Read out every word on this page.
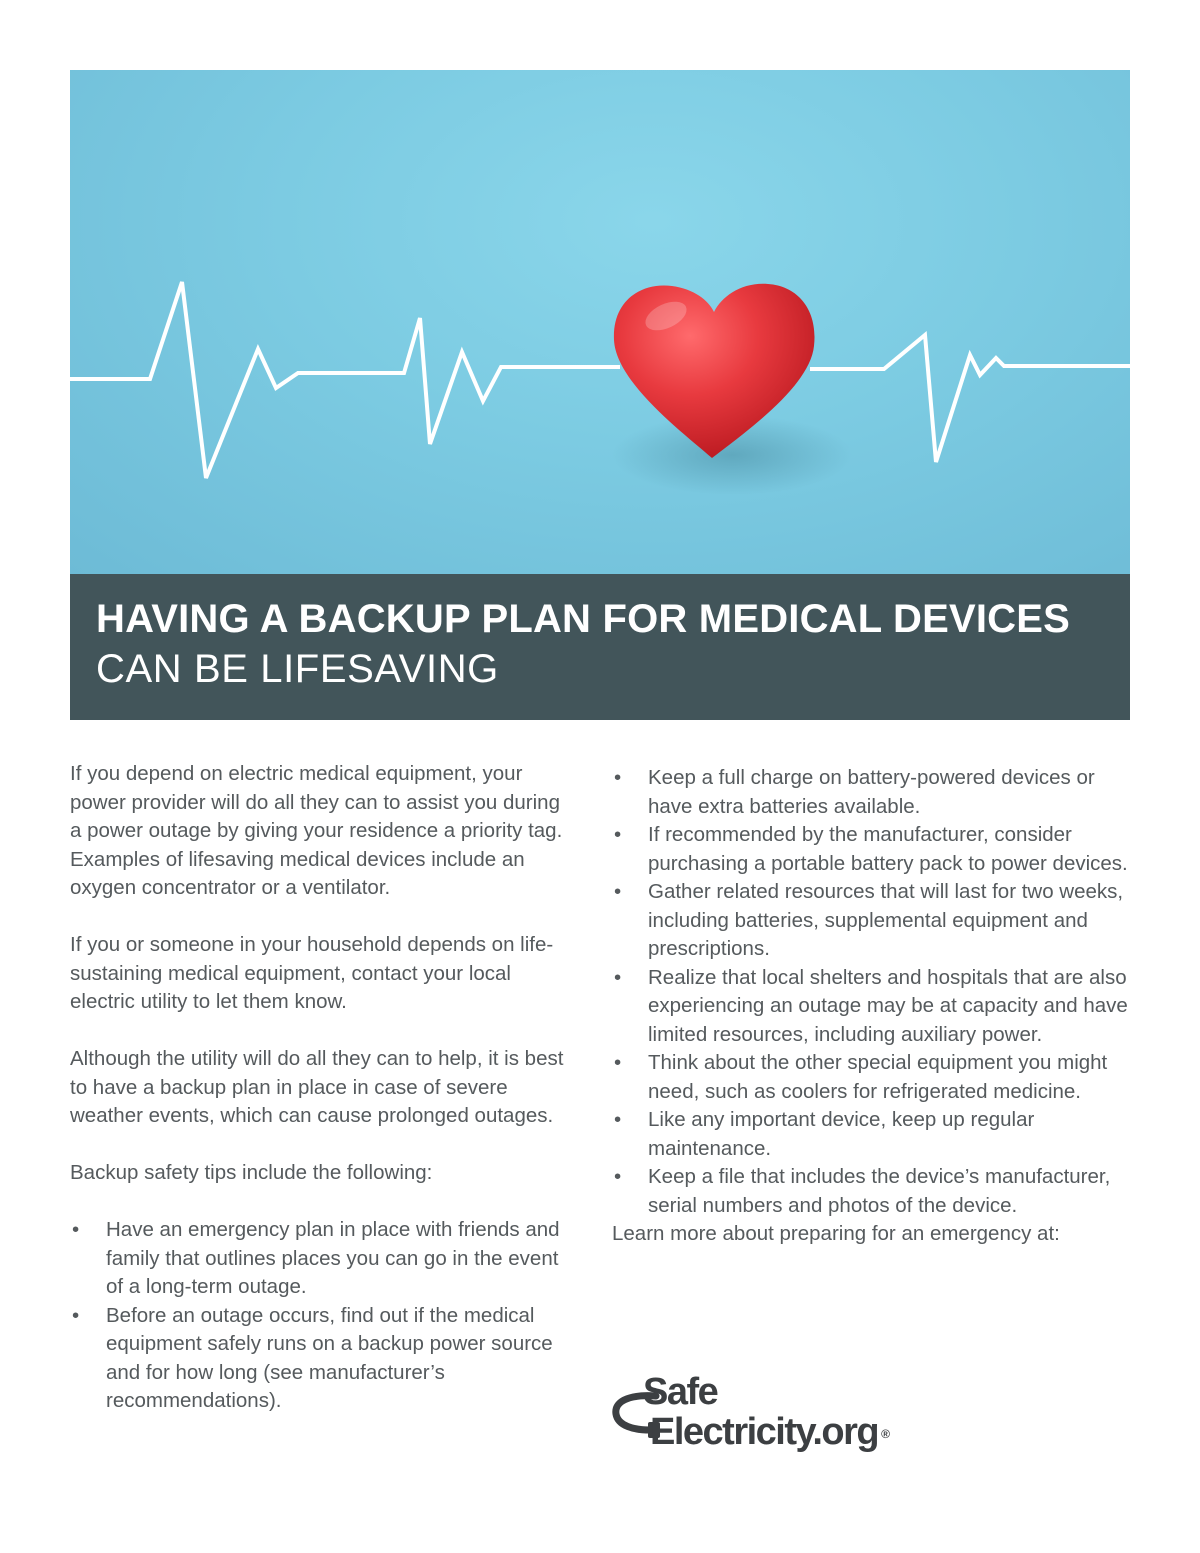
HAVING A BACKUP PLAN FOR MEDICAL DEVICES
CAN BE LIFESAVING

If you depend on electric medical equipment, your power provider will do all they can to assist you during a power outage by giving your residence a priority tag. Examples of lifesaving medical devices include an oxygen concentrator or a ventilator.

If you or someone in your household depends on life-sustaining medical equipment, contact your local electric utility to let them know.

Although the utility will do all they can to help, it is best to have a backup plan in place in case of severe weather events, which can cause prolonged outages.

Backup safety tips include the following:

•	Have an emergency plan in place with friends and family that outlines places you can go in the event of a long-term outage.
•	Before an outage occurs, find out if the medical equipment safely runs on a backup power source and for how long (see manufacturer’s recommendations).
•	Keep a full charge on battery-powered devices or have extra batteries available.
•	If recommended by the manufacturer, consider purchasing a portable battery pack to power devices.
•	Gather related resources that will last for two weeks, including batteries, supplemental equipment and prescriptions.
•	Realize that local shelters and hospitals that are also experiencing an outage may be at capacity and have limited resources, including auxiliary power.
•	Think about the other special equipment you might need, such as coolers for refrigerated medicine.
•	Like any important device, keep up regular maintenance.
•	Keep a file that includes the device’s manufacturer, serial numbers and photos of the device.

Learn more about preparing for an emergency at:

Safe
Electricity.org ®
